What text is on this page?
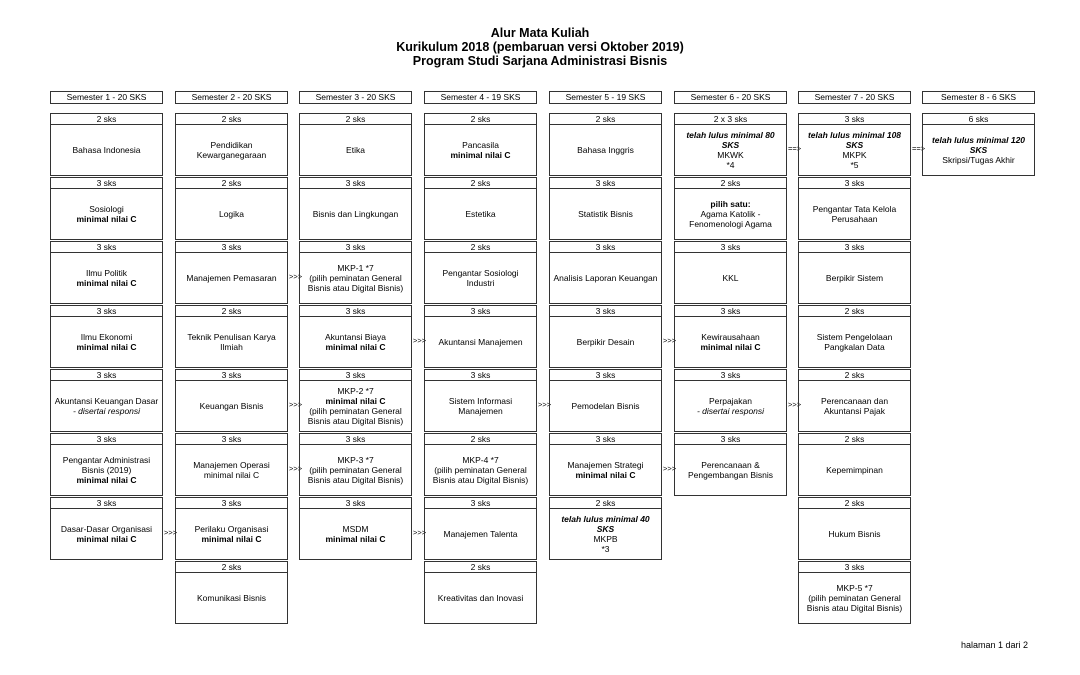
Alur Mata Kuliah
Kurikulum 2018 (pembaruan versi Oktober 2019)
Program Studi Sarjana Administrasi Bisnis
Semester 1 - 20 SKS
2 sks
Bahasa Indonesia
3 sks
Sosiologi
minimal nilai C
3 sks
Ilmu Politik
minimal nilai C
3 sks
Ilmu Ekonomi
minimal nilai C
3 sks
Akuntansi Keuangan Dasar
- disertai responsi
3 sks
Pengantar Administrasi
Bisnis (2019)
minimal nilai C
3 sks
Dasar-Dasar Organisasi
minimal nilai C
>>>
Semester 2 - 20 SKS
2 sks
Pendidikan
Kewarganegaraan
2 sks
Logika
3 sks
Manajemen Pemasaran >>>
2 sks
Teknik Penulisan Karya
Ilmiah
3 sks
Keuangan Bisnis	>>>
3 sks
Manajemen Operasi
minimal nilai C
>>>
3 sks
Perilaku Organisasi
minimal nilai C
2 sks
Komunikasi Bisnis
Semester 3 - 20 SKS
2 sks
Etika
3 sks
Bisnis dan Lingkungan
3 sks
MKP-1 *7
(pilih peminatan General
Bisnis atau Digital Bisnis)
3 sks
Akuntansi Biaya
minimal nilai C
>>>
3 sks
MKP-2 *7
minimal nilai C
(pilih peminatan General
Bisnis atau Digital Bisnis)
3 sks
MKP-3 *7
(pilih peminatan General
Bisnis atau Digital Bisnis)
3 sks
MSDM
minimal nilai C
>>>
Semester 4 - 19 SKS
2 sks
Pancasila
minimal nilai C
2 sks
Estetika
2 sks
Pengantar Sosiologi
Industri
3 sks
Akuntansi Manajemen
3 sks
Sistem Informasi
Manajemen
>>>
2 sks
MKP-4 *7
(pilih peminatan General
Bisnis atau Digital Bisnis)
3 sks
Manajemen Talenta
2 sks
Kreativitas dan Inovasi
Semester 5 - 19 SKS
2 sks
Bahasa Inggris
3 sks
Statistik Bisnis
3 sks
Analisis Laporan Keuangan
3 sks
Berpikir Desain	>>>
3 sks
Pemodelan Bisnis
3 sks
Manajemen Strategi
minimal nilai C
>>>
2 sks
telah lulus minimal 40
SKS
MKPB
*3
Semester 6 - 20 SKS
2 x 3 sks
telah lulus minimal 80
SKS
MKWK
*4
==>
2 sks
pilih satu:
Agama Katolik -
Fenomenologi Agama
3 sks
KKL
3 sks
Kewirausahaan
minimal nilai C
3 sks
Perpajakan
- disertai responsi
>>>
3 sks
Perencanaan &
Pengembangan Bisnis
Semester 7 - 20 SKS
3 sks
telah lulus minimal 108
SKS
MKPK
*5
==>
3 sks
Pengantar Tata Kelola
Perusahaan
3 sks
Berpikir Sistem
2 sks
Sistem Pengelolaan
Pangkalan Data
2 sks
Perencanaan dan
Akuntansi Pajak
2 sks
Kepemimpinan
2 sks
Hukum Bisnis
3 sks
MKP-5 *7
(pilih peminatan General
Bisnis atau Digital Bisnis)
Semester 8 - 6 SKS
6 sks
telah lulus minimal 120
SKS
Skripsi/Tugas Akhir
halaman 1 dari 2
